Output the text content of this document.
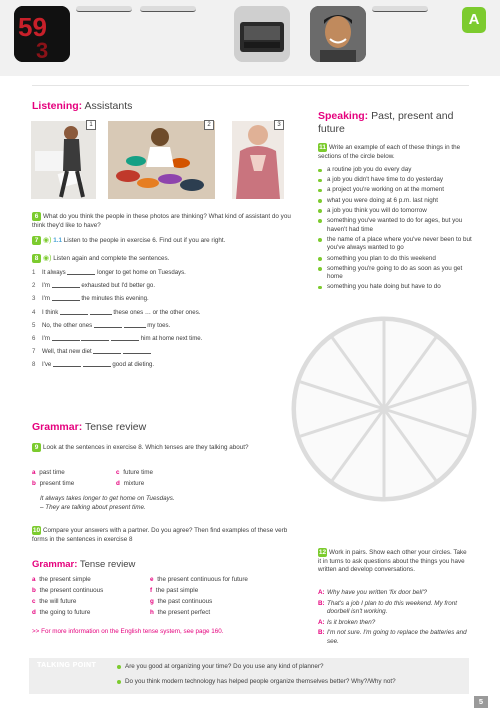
59
3
A
Listening: Assistants
1	2	3
6 What do you think the people in these photos are thinking? What kind of assistant do you think they'd like to have?
7 ◉) 1.1 Listen to the people in exercise 6. Find out if you are right.
8 ◉) Listen again and complete the sentences.
1	It always	longer to get home on Tuesdays.
2	I'm	exhausted but I'd better go.
3	I'm	the minutes this evening.
4	I think	these ones … or the other ones.
5	No, the other ones	my toes.
6	I'm	him at home next time.
7	Well, that new diet
8	I've	good at dieting.
Grammar: Tense review
9 Look at the sentences in exercise 8. Which tenses are they talking about?
a past time	c future time
b present time	d mixture
It always takes longer to get home on Tuesdays.
– They are talking about present time.
10 Compare your answers with a partner. Do you agree? Then find examples of these verb forms in the sentences in exercise 8
Grammar: Tense review
a the present simple
b the present continuous
c the will future
d the going to future
e the present continuous for future
f the past simple
g the past continuous
h the present perfect
>> For more information on the English tense system, see page 160.
Speaking: Past, present and future
11 Write an example of each of these things in the sections of the circle below.
a routine job you do every day
a job you didn't have time to do yesterday
a project you're working on at the moment
what you were doing at 6 p.m. last night
a job you think you will do tomorrow
something you've wanted to do for ages, but you haven't had time
the name of a place where you've never been to but you've always wanted to go
something you plan to do this weekend
something you're going to do as soon as you get home
something you hate doing but have to do
12 Work in pairs. Show each other your circles. Take it in turns to ask questions about the things you have written and develop conversations.
A: Why have you written 'fix door bell'?
B: That's a job I plan to do this weekend. My front doorbell isn't working.
A: Is it broken then?
B: I'm not sure. I'm going to replace the batteries and see.
TALKING POINT	Are you good at organizing your time? Do you use any kind of planner?
Do you think modern technology has helped people organize themselves better? Why?/Why not?
5
